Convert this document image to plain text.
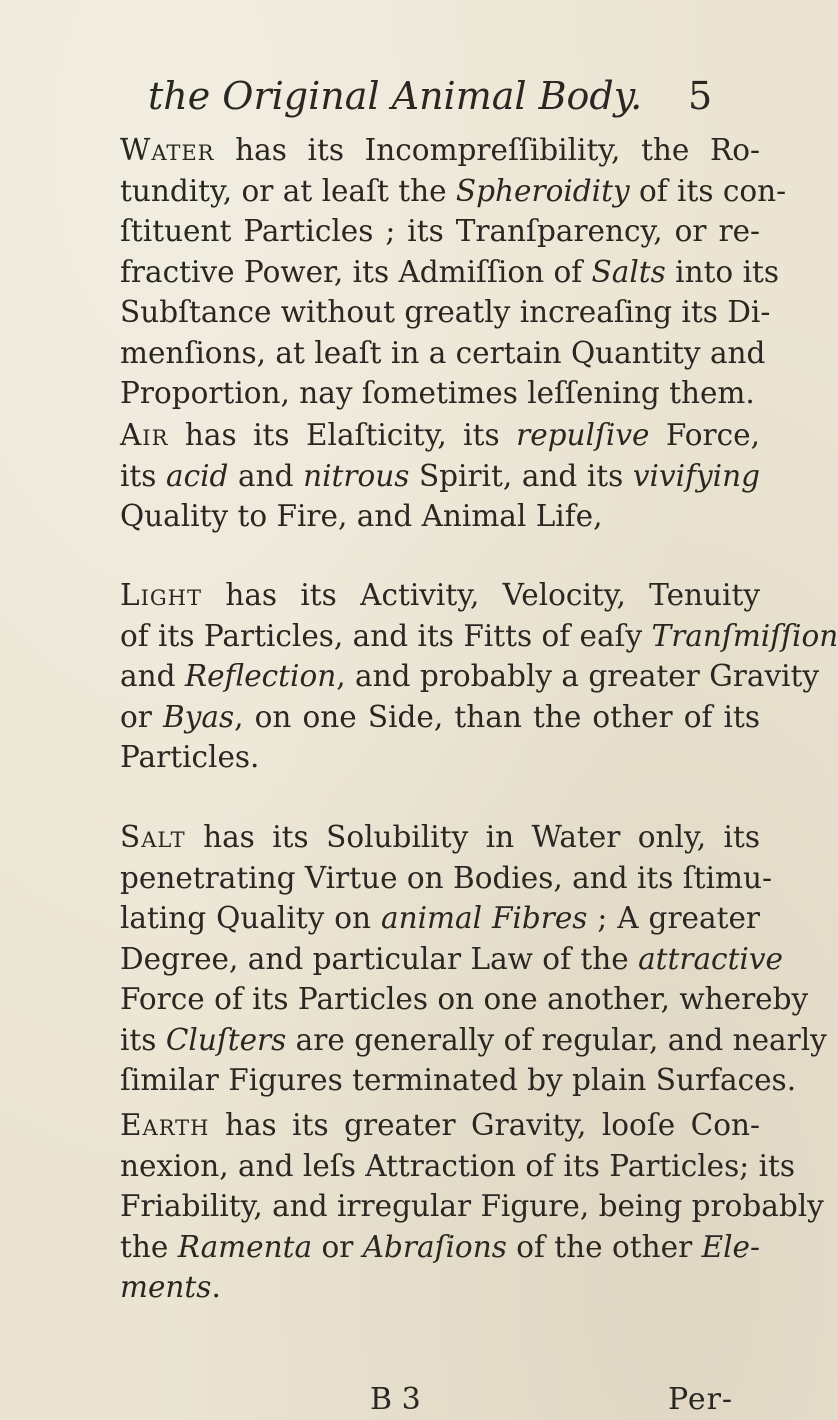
the Original Animal Body. 5
Water has its Incompreſſibility, the Ro-
tundity, or at leaſt the Spheroidity of its con-
ſtituent Particles ; its Tranſparency, or re-
fractive Power, its Admiſſion of Salts into its
Subſtance without greatly increaſing its Di-
menſions, at leaſt in a certain Quantity and
Proportion, nay ſometimes leſſening them.
Air has its Elaſticity, its repulſive Force,
its acid and nitrous Spirit, and its vivifying
Quality to Fire, and Animal Life,
Light has its Activity, Velocity, Tenuity
of its Particles, and its Fitts of eaſy Tranſmiſſion
and Reflection, and probably a greater Gravity
or Byas, on one Side, than the other of its
Particles.
Salt has its Solubility in Water only, its
penetrating Virtue on Bodies, and its ſtimu-
lating Quality on animal Fibres ; A greater
Degree, and particular Law of the attractive
Force of its Particles on one another, whereby
its Cluſters are generally of regular, and nearly
ſimilar Figures terminated by plain Surfaces.
Earth has its greater Gravity, looſe Con-
nexion, and leſs Attraction of its Particles; its
Friability, and irregular Figure, being probably
the Ramenta or Abraſions of the other Ele-
ments.
B 3	Per-
